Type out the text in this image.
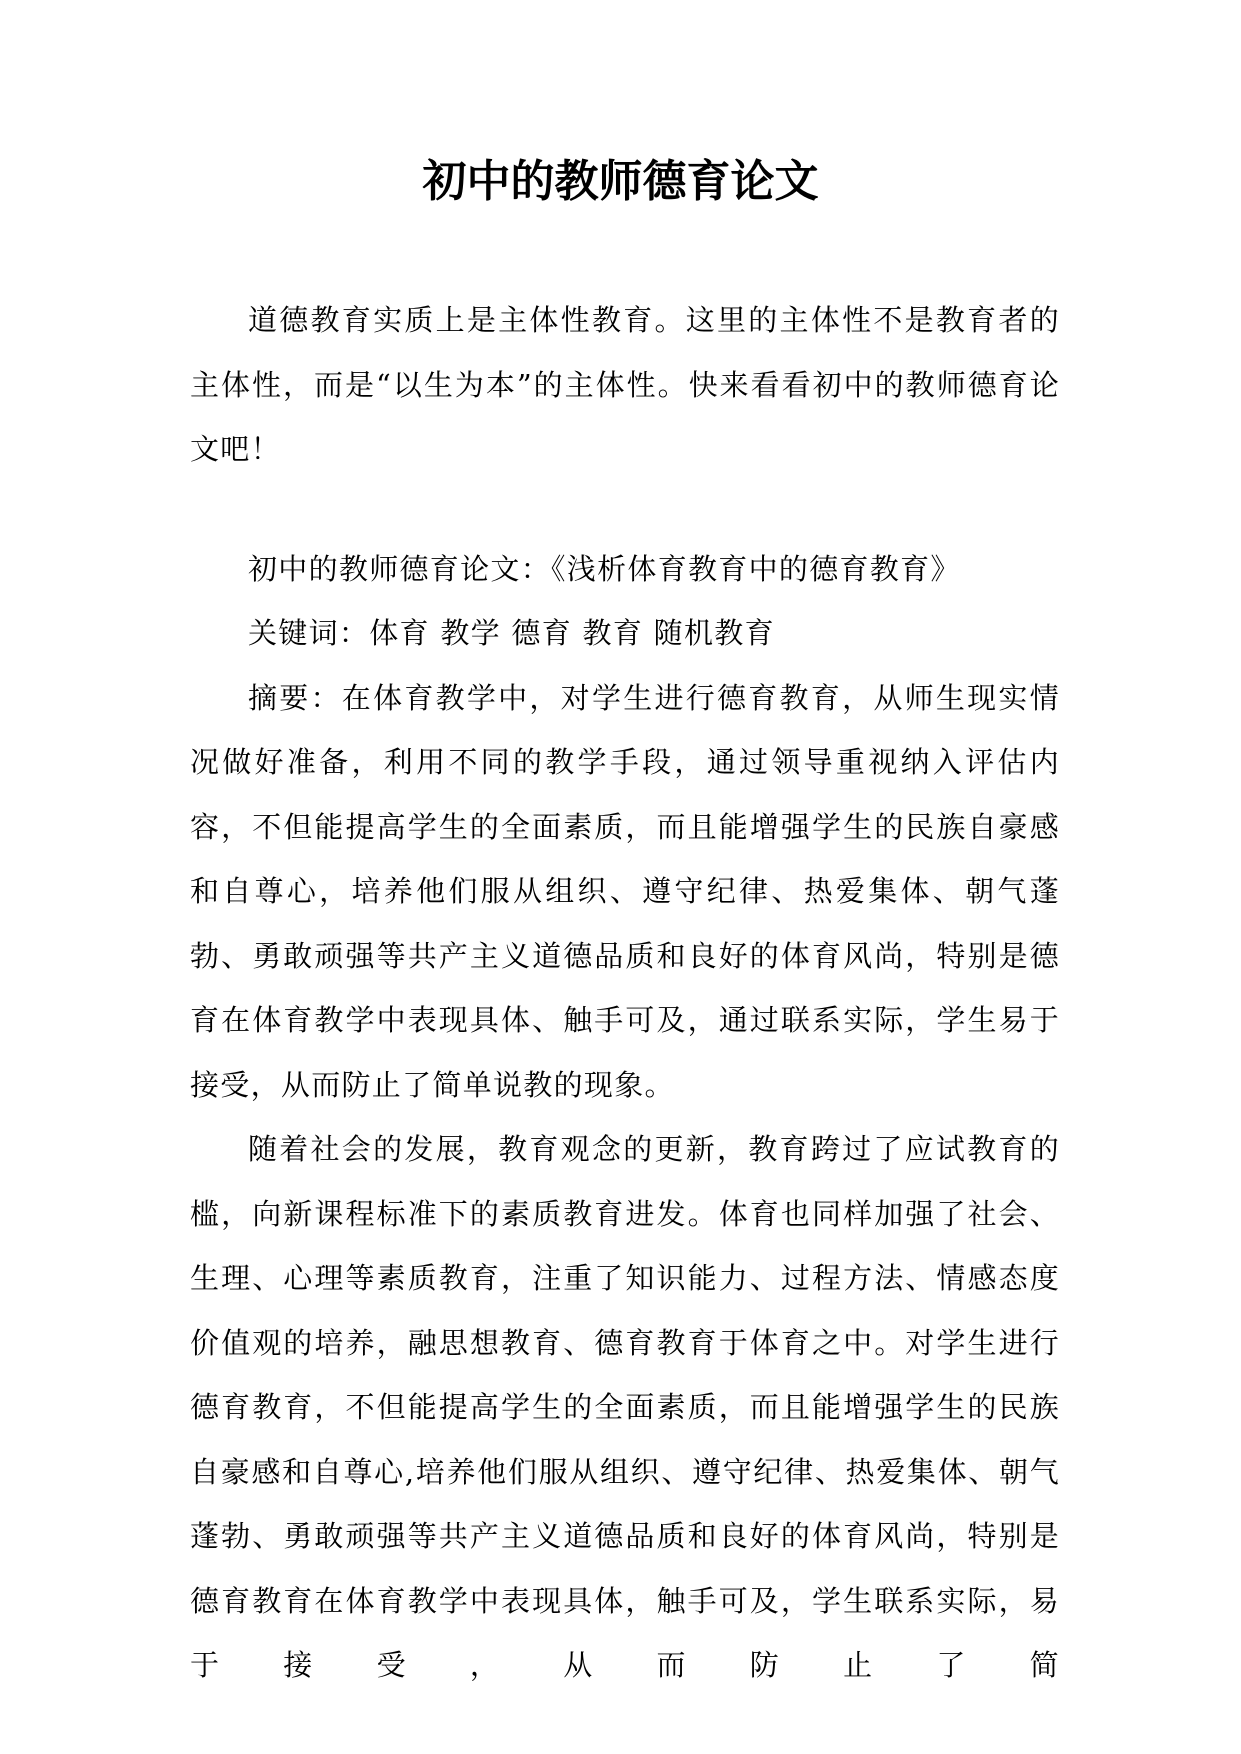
初中的教师德育论文

道德教育实质上是主体性教育。这里的主体性不是教育者的主体性，而是“以生为本”的主体性。快来看看初中的教师德育论文吧！

初中的教师德育论文：《浅析体育教育中的德育教育》

关键词：体育 教学 德育 教育 随机教育

摘要：在体育教学中，对学生进行德育教育，从师生现实情况做好准备，利用不同的教学手段，通过领导重视纳入评估内容，不但能提高学生的全面素质，而且能增强学生的民族自豪感和自尊心，培养他们服从组织、遵守纪律、热爱集体、朝气蓬勃、勇敢顽强等共产主义道德品质和良好的体育风尚，特别是德育在体育教学中表现具体、触手可及，通过联系实际，学生易于接受，从而防止了简单说教的现象。

随着社会的发展，教育观念的更新，教育跨过了应试教育的槛，向新课程标准下的素质教育进发。体育也同样加强了社会、生理、心理等素质教育，注重了知识能力、过程方法、情感态度价值观的培养，融思想教育、德育教育于体育之中。对学生进行德育教育，不但能提高学生的全面素质，而且能增强学生的民族自豪感和自尊心,培养他们服从组织、遵守纪律、热爱集体、朝气蓬勃、勇敢顽强等共产主义道德品质和良好的体育风尚，特别是德育教育在体育教学中表现具体，触手可及，学生联系实际，易于接受，从而防止了简
